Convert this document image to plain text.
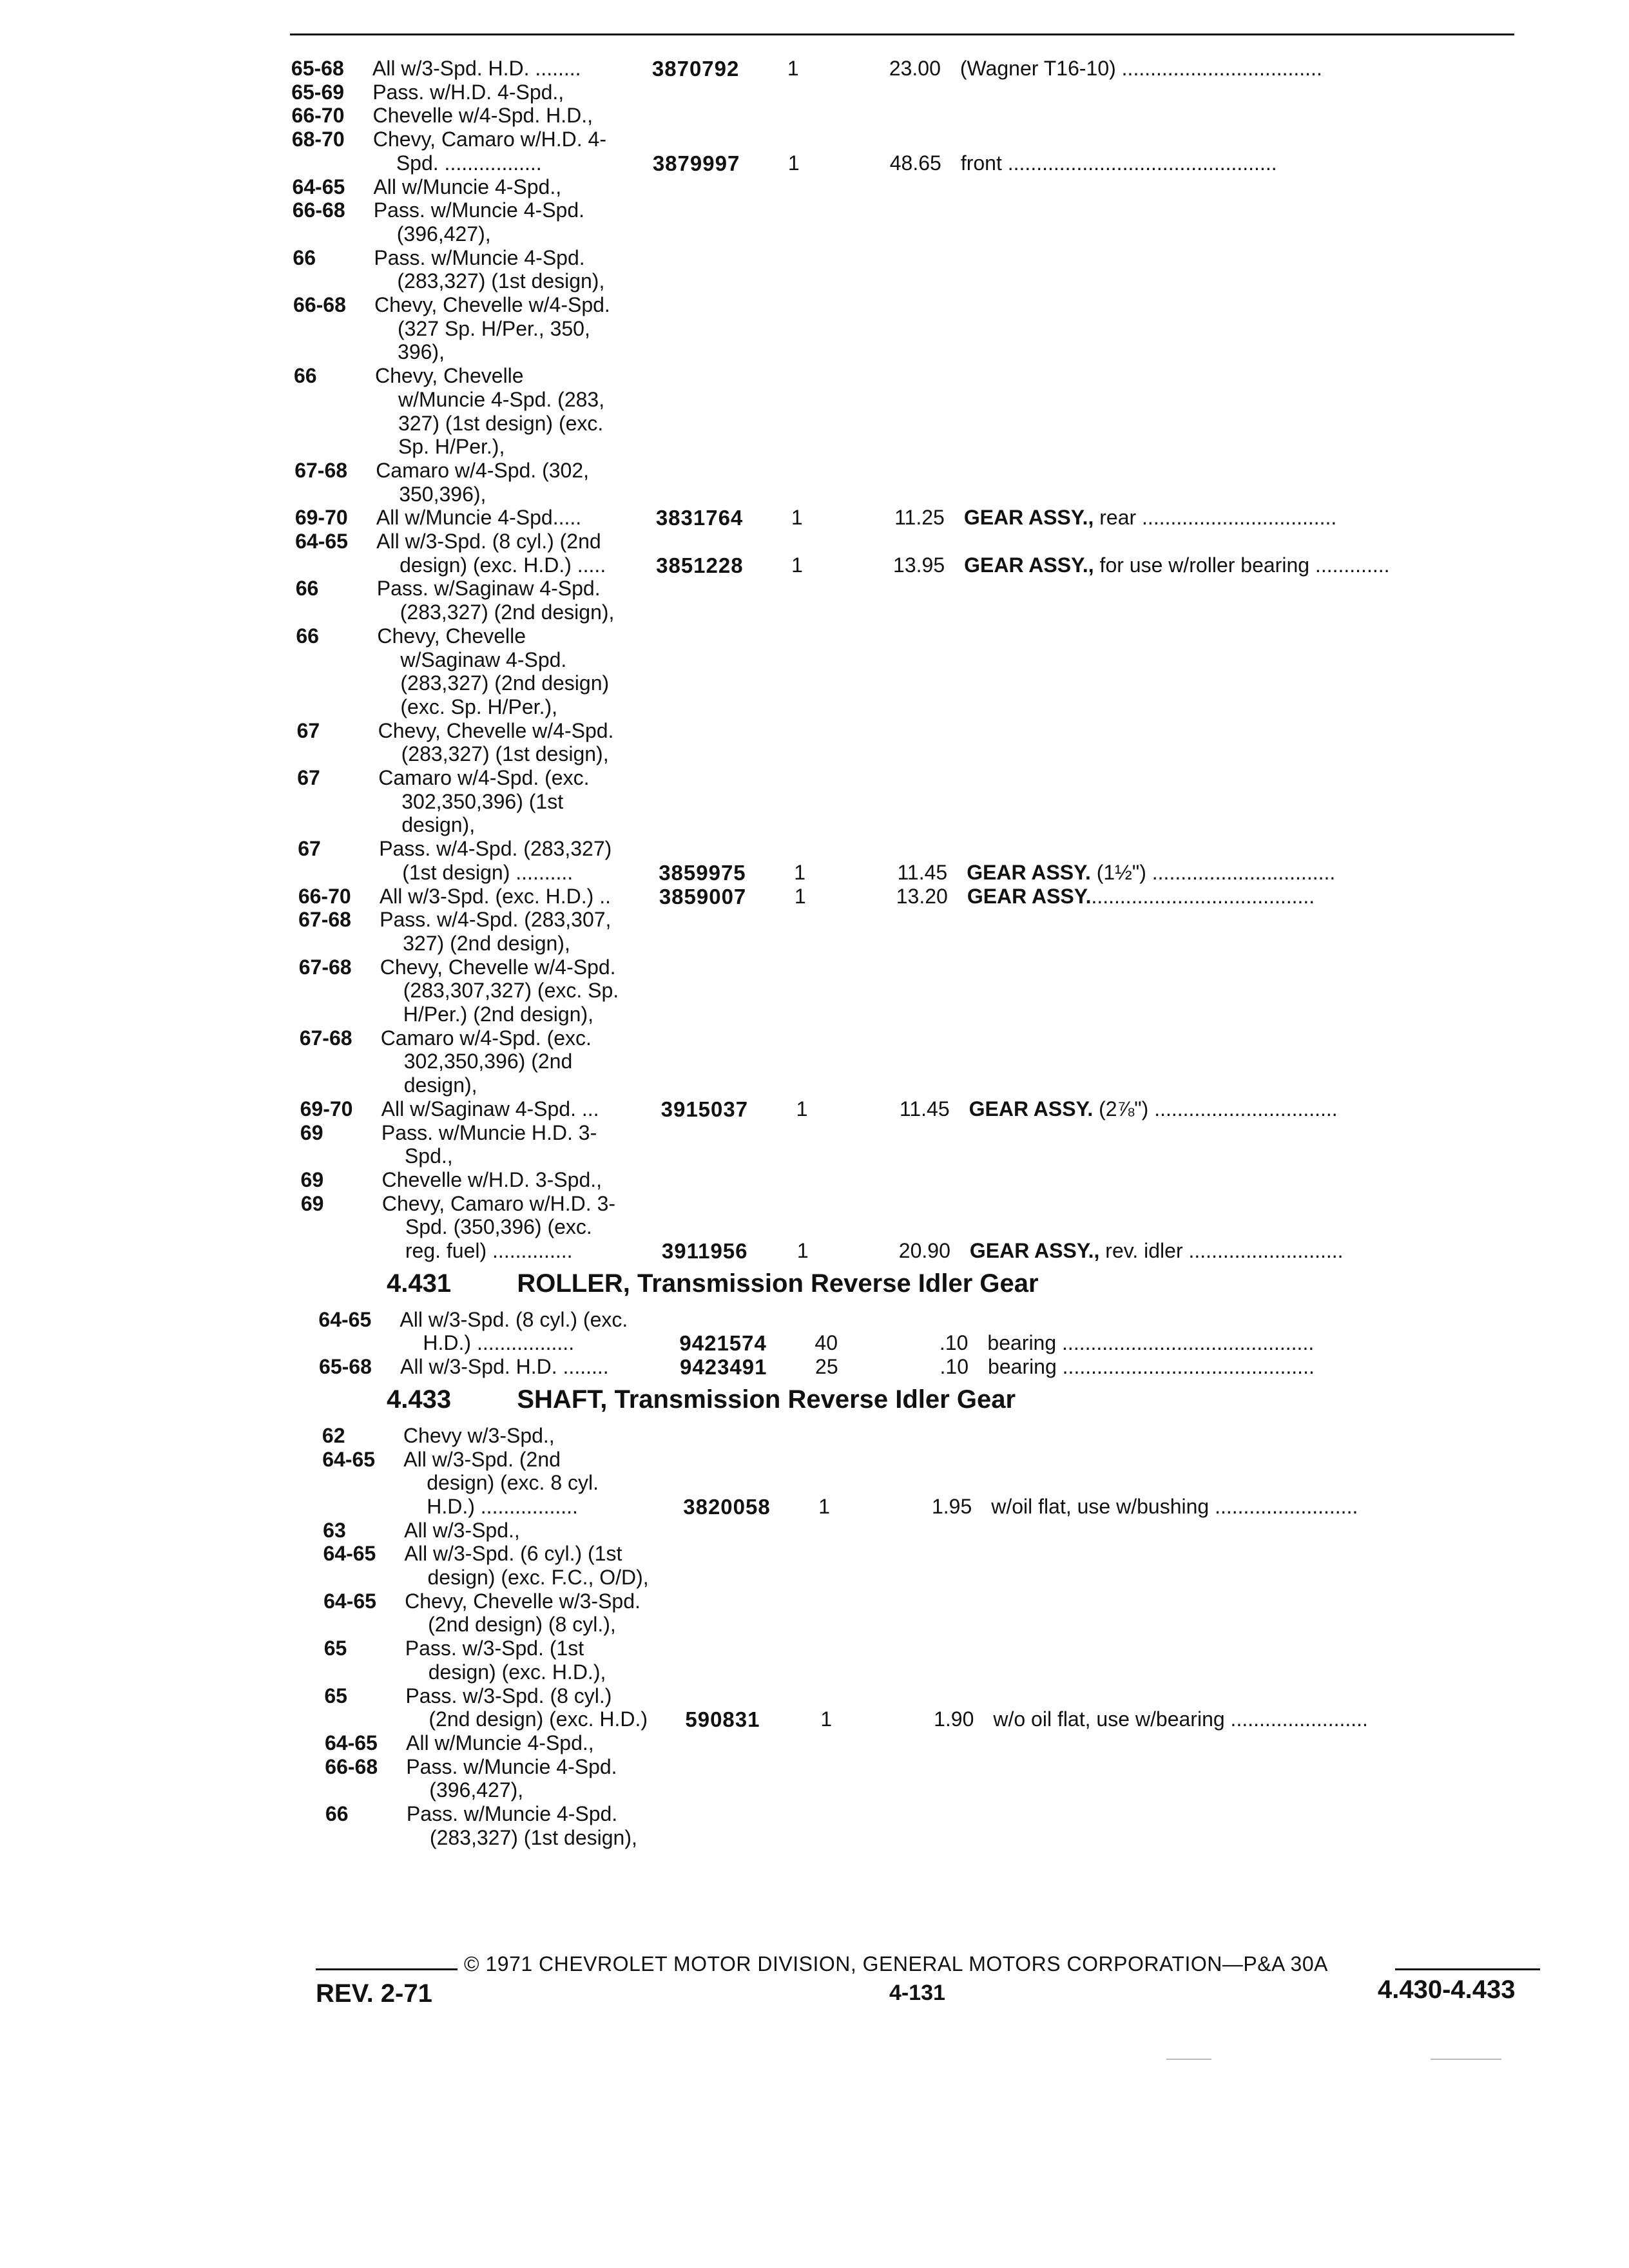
65-68 All w/3-Spd. H.D. ........	3870792 1	23.00 (Wagner T16-10) ...................................
65-69 Pass. w/H.D. 4-Spd.,
66-70 Chevelle w/4-Spd. H.D.,
68-70 Chevy, Camaro w/H.D. 4-
Spd. .................	3879997 1	48.65 front ...............................................
64-65 All w/Muncie 4-Spd.,
66-68 Pass. w/Muncie 4-Spd.
(396,427),
66	Pass. w/Muncie 4-Spd.
(283,327) (1st design),
66-68 Chevy, Chevelle w/4-Spd.
(327 Sp. H/Per., 350,
396),
66	Chevy, Chevelle
w/Muncie 4-Spd. (283,
327) (1st design) (exc.
Sp. H/Per.),
67-68 Camaro w/4-Spd. (302,
350,396),
69-70 All w/Muncie 4-Spd.....	3831764 1	11.25 GEAR ASSY., rear ..................................
64-65 All w/3-Spd. (8 cyl.) (2nd
design) (exc. H.D.) ..... 3851228 1	13.95 GEAR ASSY., for use w/roller bearing .............
66	Pass. w/Saginaw 4-Spd.
(283,327) (2nd design),
66	Chevy, Chevelle
w/Saginaw 4-Spd.
(283,327) (2nd design)
(exc. Sp. H/Per.),
67	Chevy, Chevelle w/4-Spd.
(283,327) (1st design),
67	Camaro w/4-Spd. (exc.
302,350,396) (1st
design),
67	Pass. w/4-Spd. (283,327)
(1st design) ..........	3859975 1	11.45 GEAR ASSY. (1½") ................................
66-70 All w/3-Spd. (exc. H.D.) .. 3859007 1	13.20 GEAR ASSY........................................
67-68 Pass. w/4-Spd. (283,307,
327) (2nd design),
67-68 Chevy, Chevelle w/4-Spd.
(283,307,327) (exc. Sp.
H/Per.) (2nd design),
67-68 Camaro w/4-Spd. (exc.
302,350,396) (2nd
design),
69-70 All w/Saginaw 4-Spd. ...	3915037 1	11.45 GEAR ASSY. (2⅞") ................................
69	Pass. w/Muncie H.D. 3-
Spd.,
69	Chevelle w/H.D. 3-Spd.,
69	Chevy, Camaro w/H.D. 3-
Spd. (350,396) (exc.
reg. fuel) ..............	3911956 1	20.90 GEAR ASSY., rev. idler ...........................
4.431	ROLLER, Transmission Reverse Idler Gear
64-65 All w/3-Spd. (8 cyl.) (exc.
H.D.) .................	9421574 40	.10 bearing ............................................
65-68 All w/3-Spd. H.D. ........	9423491 25	.10 bearing ............................................
4.433	SHAFT, Transmission Reverse Idler Gear
62	Chevy w/3-Spd.,
64-65 All w/3-Spd. (2nd
design) (exc. 8 cyl.
H.D.) .................	3820058 1	1.95 w/oil flat, use w/bushing .........................
63	All w/3-Spd.,
64-65 All w/3-Spd. (6 cyl.) (1st
design) (exc. F.C., O/D),
64-65 Chevy, Chevelle w/3-Spd.
(2nd design) (8 cyl.),
65	Pass. w/3-Spd. (1st
design) (exc. H.D.),
65	Pass. w/3-Spd. (8 cyl.)
(2nd design) (exc. H.D.) 590831	1	1.90 w/o oil flat, use w/bearing ........................
64-65 All w/Muncie 4-Spd.,
66-68 Pass. w/Muncie 4-Spd.
(396,427),
66	Pass. w/Muncie 4-Spd.
(283,327) (1st design),
© 1971 CHEVROLET MOTOR DIVISION, GENERAL MOTORS CORPORATION—P&A 30A
REV. 2-71	4-131	4.430-4.433
